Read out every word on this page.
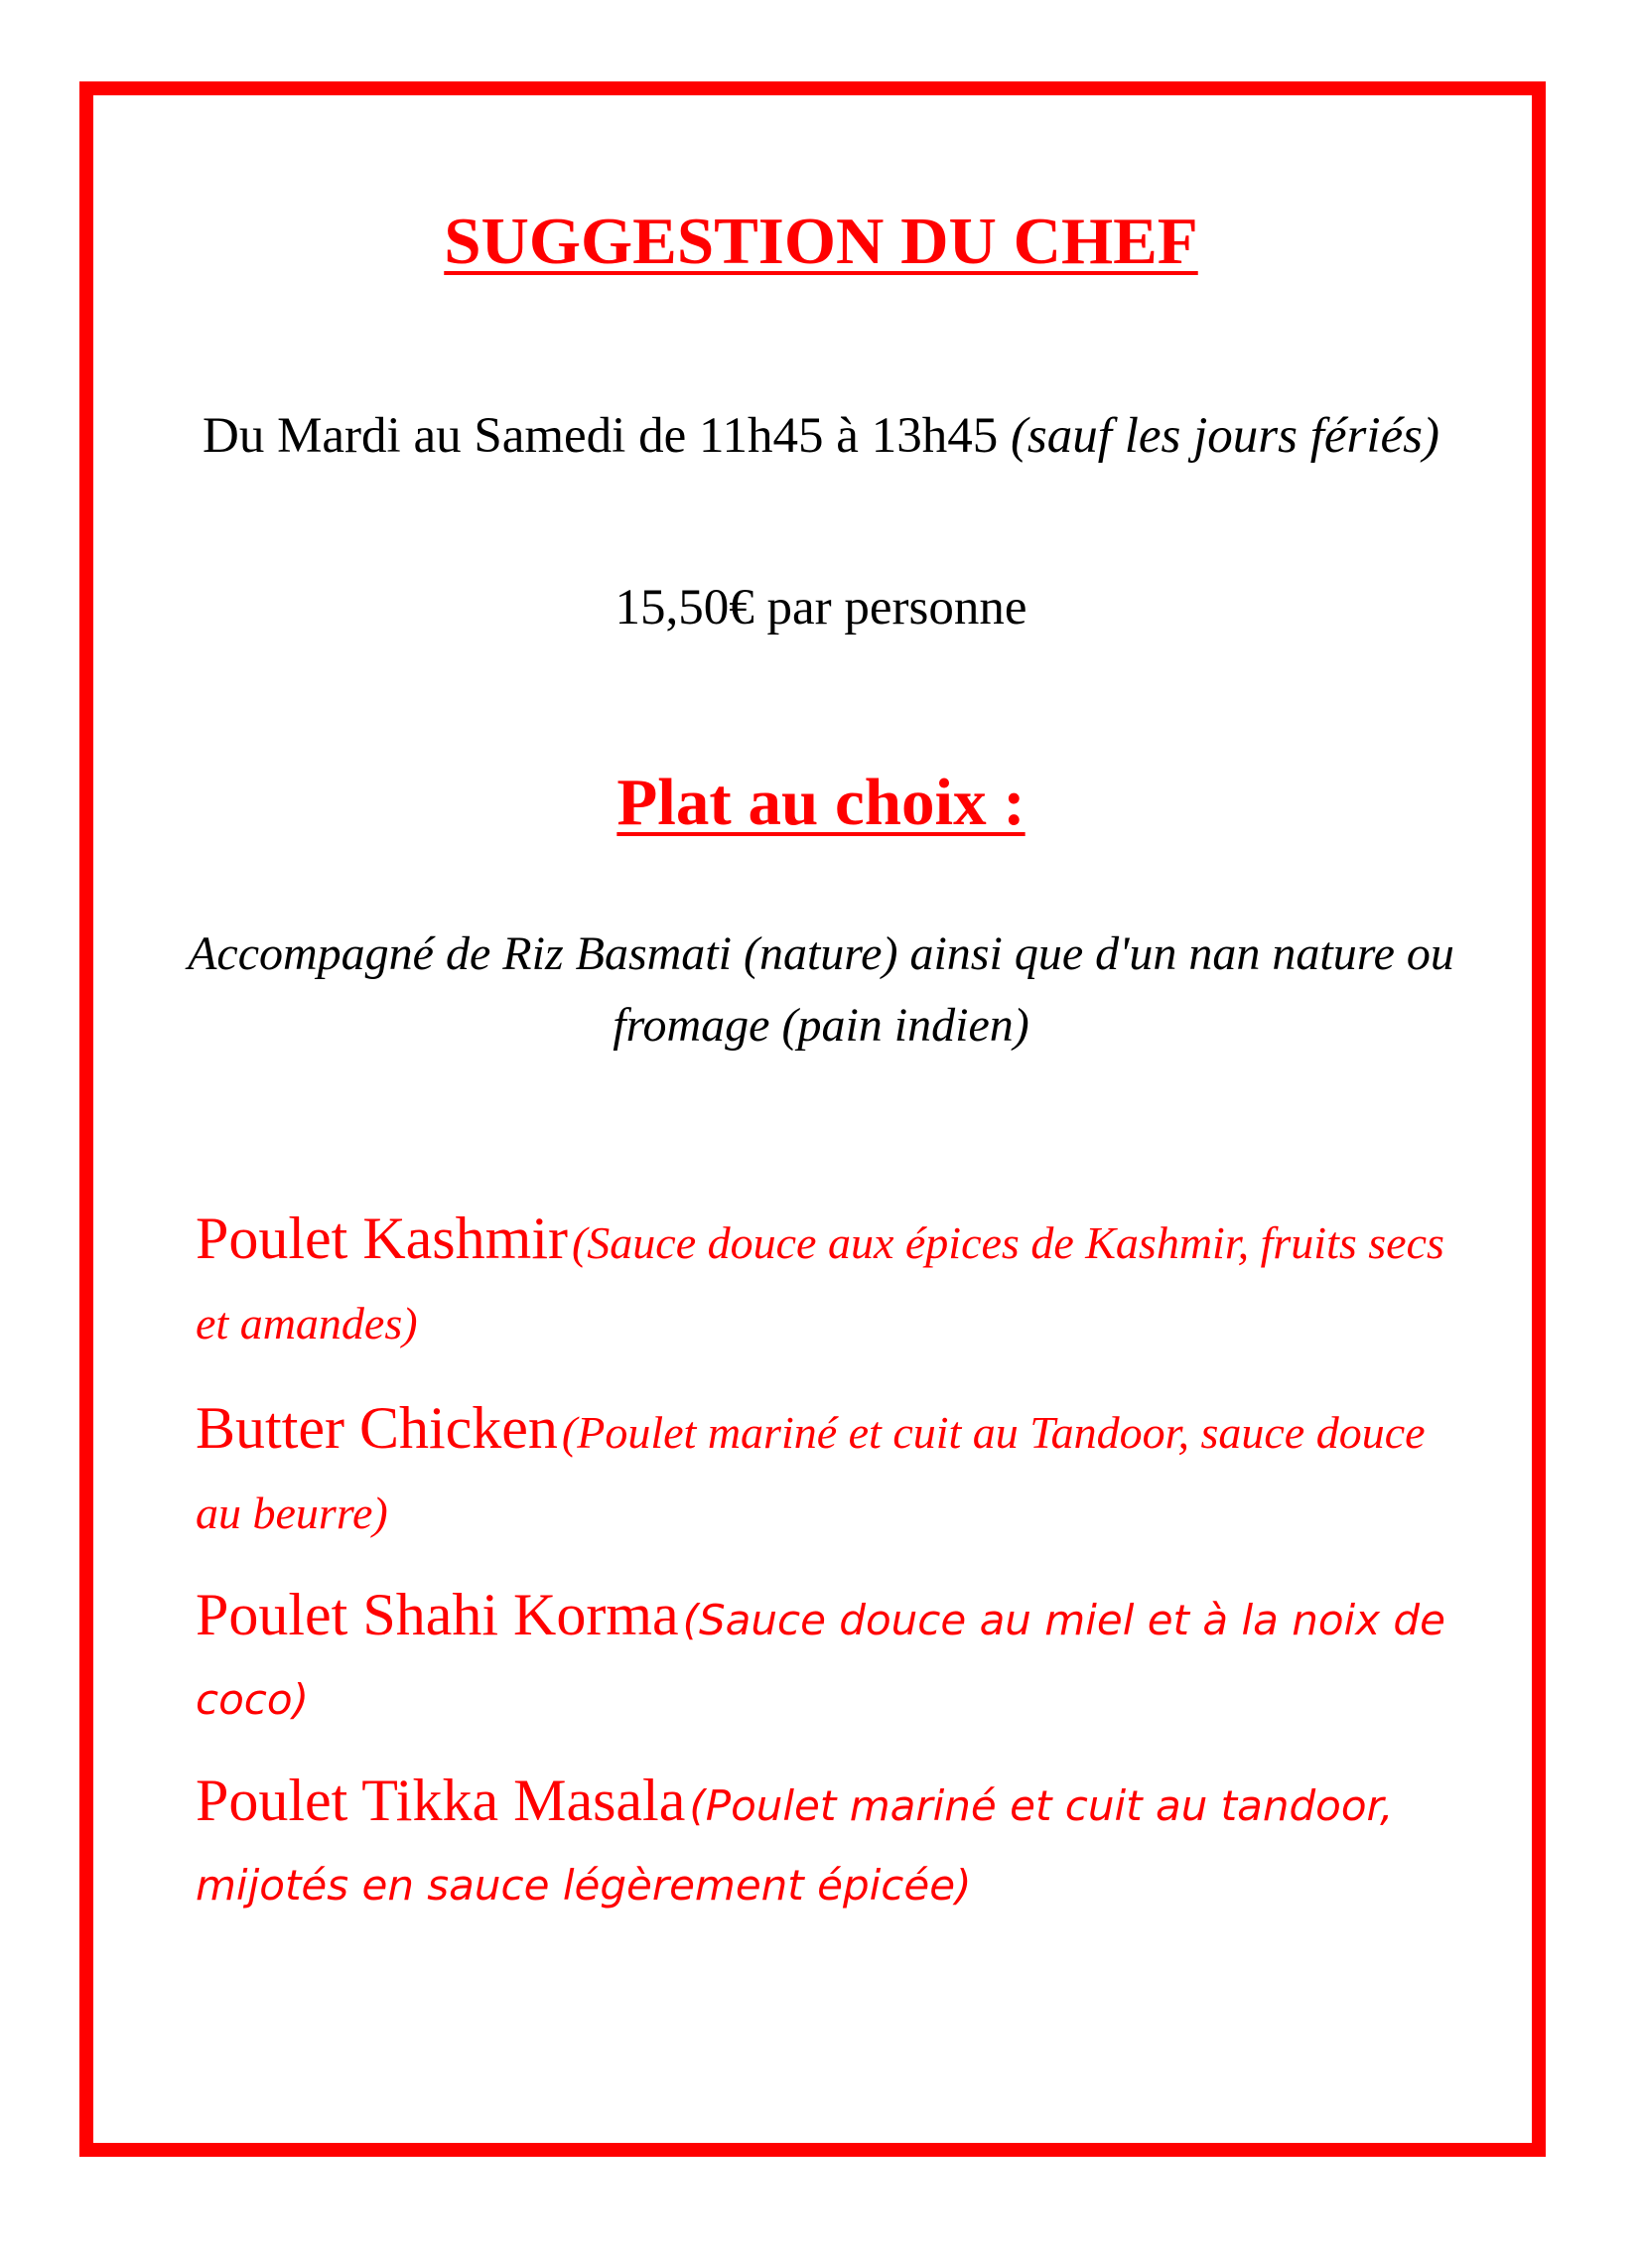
SUGGESTION DU CHEF

Du Mardi au Samedi de 11h45 à 13h45 (sauf les jours fériés)

15,50€ par personne

Plat au choix :

Accompagné de Riz Basmati (nature) ainsi que d'un nan nature ou fromage (pain indien)

Poulet Kashmir (Sauce douce aux épices de Kashmir, fruits secs et amandes)

Butter Chicken (Poulet mariné et cuit au Tandoor, sauce douce au beurre)

Poulet Shahi Korma (Sauce douce au miel et à la noix de coco)

Poulet Tikka Masala (Poulet mariné et cuit au tandoor, mijotés en sauce légèrement épicée)
